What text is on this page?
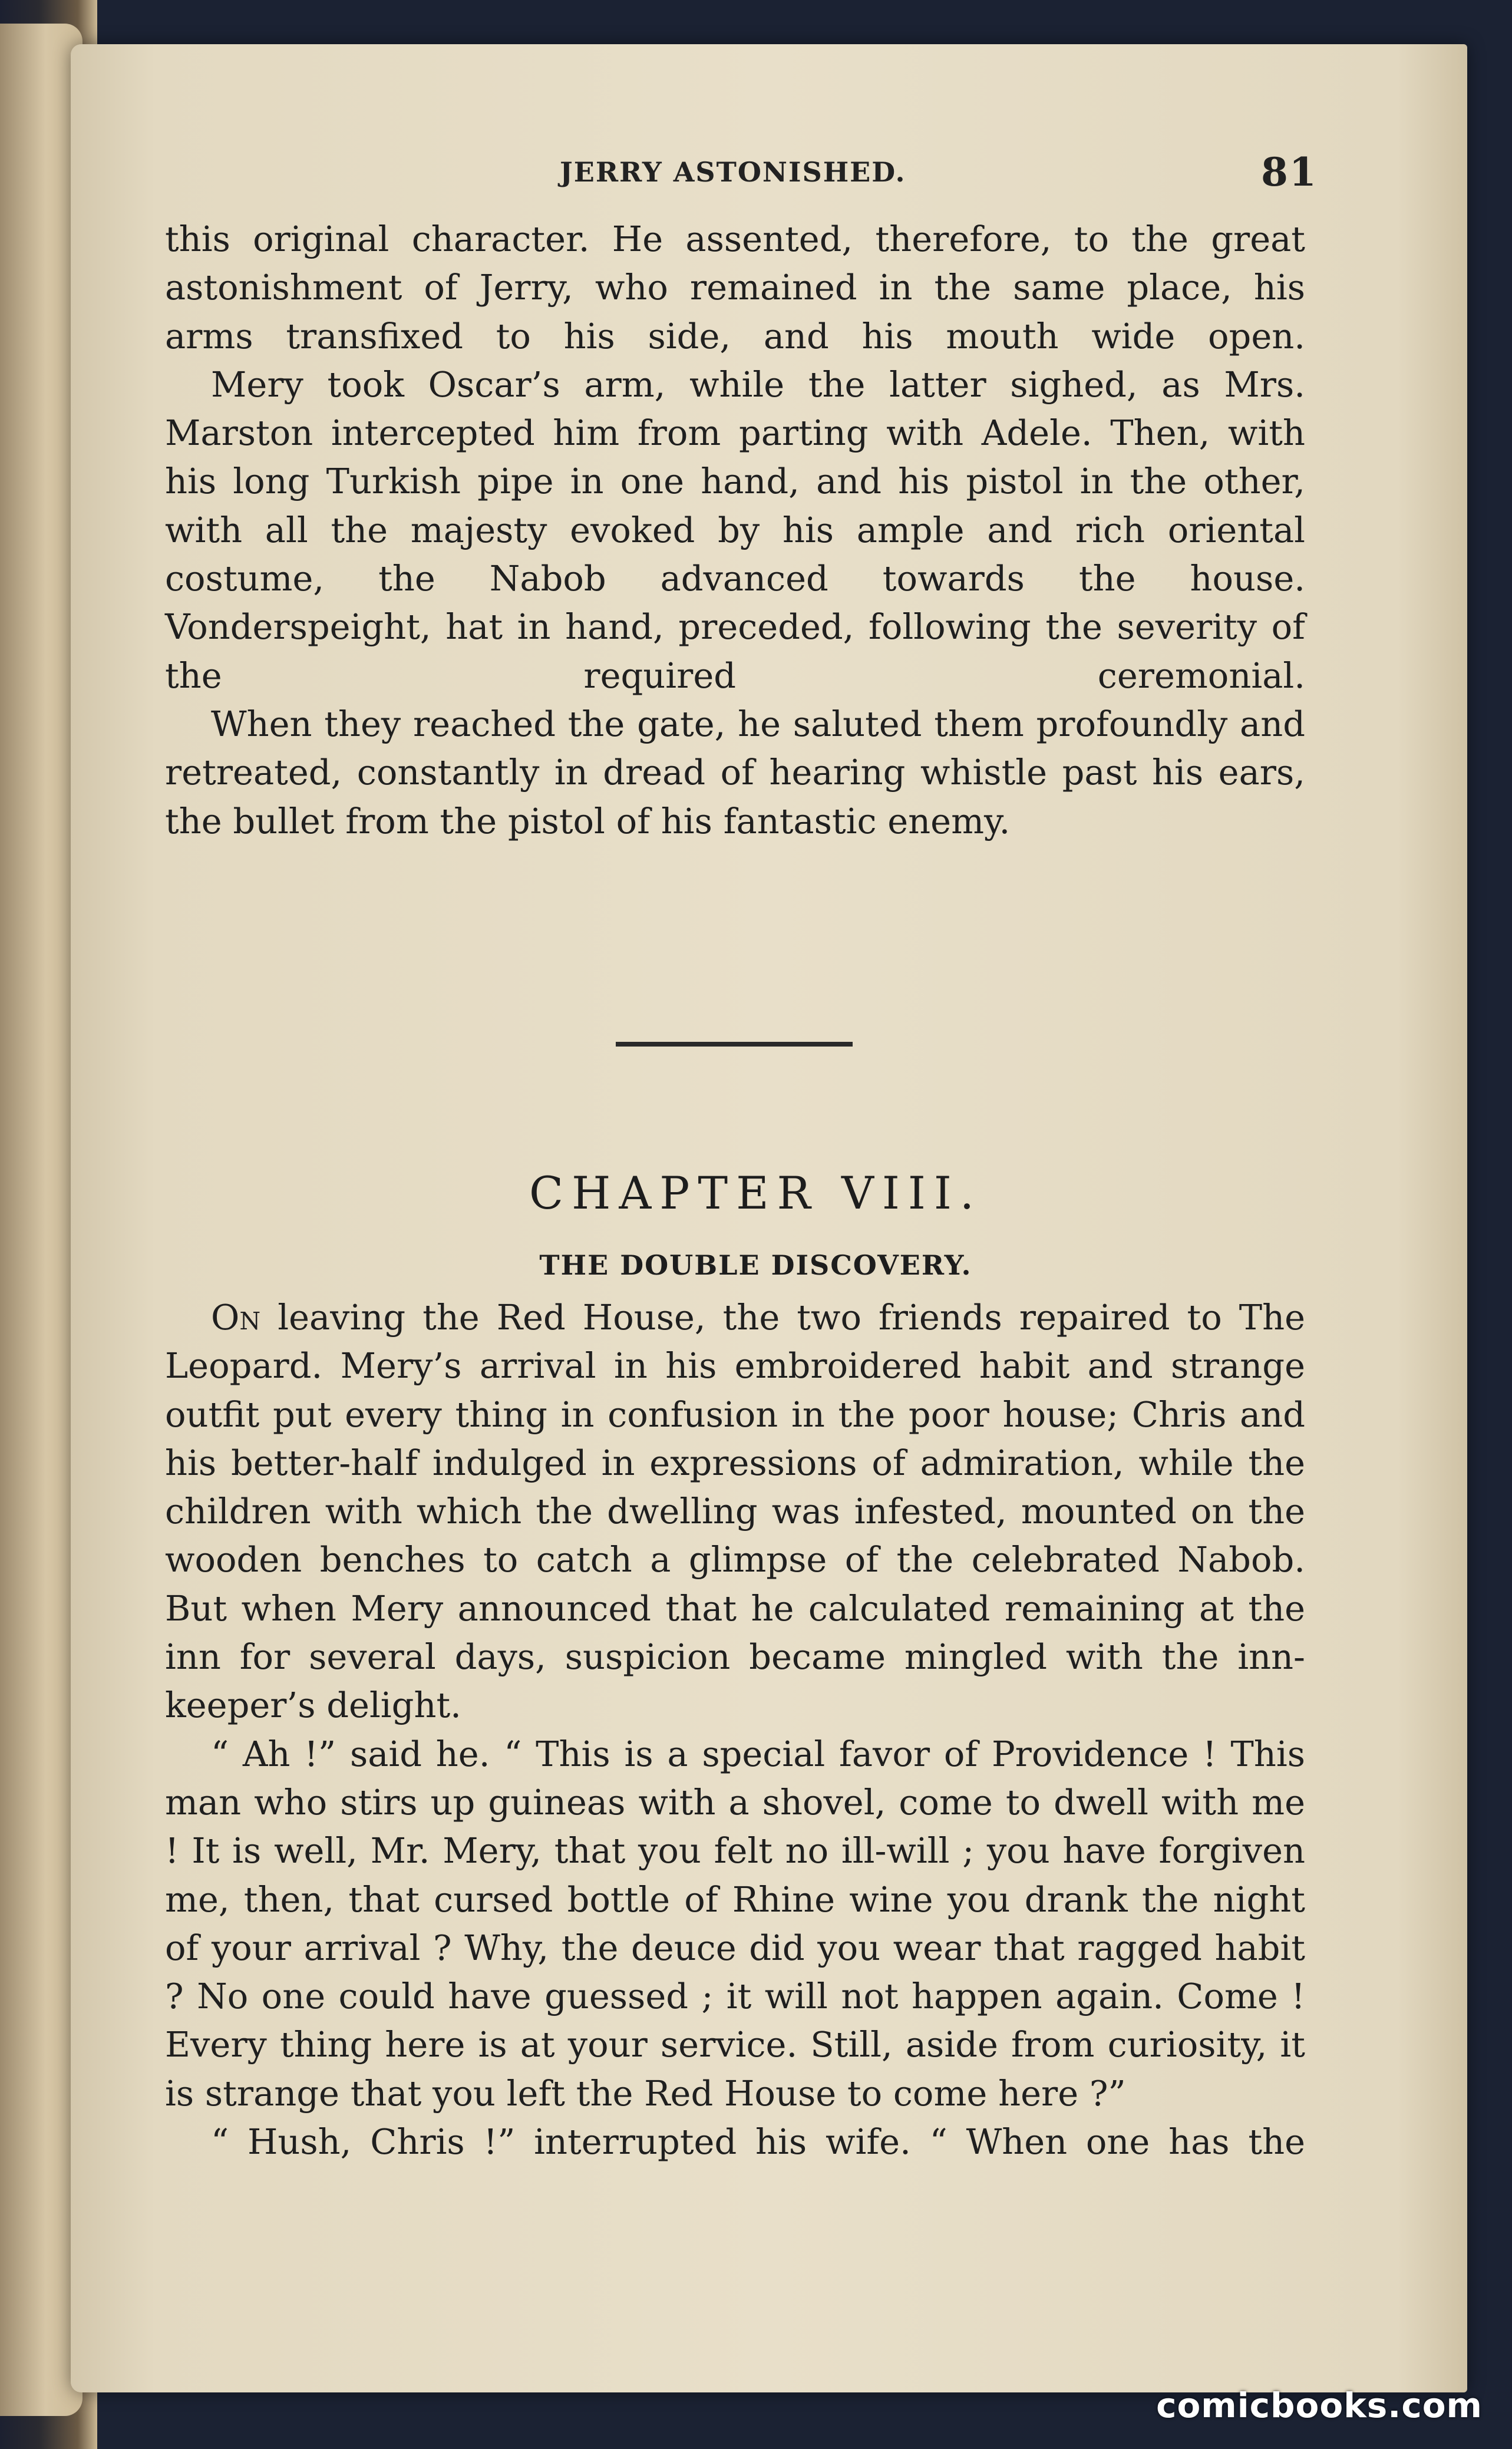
JERRY ASTONISHED.	81

this original character. He assented, therefore, to the great astonishment of Jerry, who remained in the same place, his arms transfixed to his side, and his mouth wide open.

Mery took Oscar’s arm, while the latter sighed, as Mrs. Marston intercepted him from parting with Adele. Then, with his long Turkish pipe in one hand, and his pistol in the other, with all the majesty evoked by his ample and rich oriental costume, the Nabob advanced towards the house. Vonderspeight, hat in hand, preceded, following the severity of the required ceremonial.

When they reached the gate, he saluted them profoundly and retreated, constantly in dread of hearing whistle past his ears, the bullet from the pistol of his fantastic enemy.

CHAPTER VIII.
THE DOUBLE DISCOVERY.

On leaving the Red House, the two friends repaired to The Leopard. Mery’s arrival in his embroidered habit and strange outfit put every thing in confusion in the poor house; Chris and his better-half indulged in expressions of admiration, while the children with which the dwelling was infested, mounted on the wooden benches to catch a glimpse of the celebrated Nabob. But when Mery announced that he calculated remaining at the inn for several days, suspicion became mingled with the inn-keeper’s delight.

“ Ah !” said he. “ This is a special favor of Providence ! This man who stirs up guineas with a shovel, come to dwell with me ! It is well, Mr. Mery, that you felt no ill-will ; you have forgiven me, then, that cursed bottle of Rhine wine you drank the night of your arrival ? Why, the deuce did you wear that ragged habit ? No one could have guessed ; it will not happen again. Come ! Every thing here is at your service. Still, aside from curiosity, it is strange that you left the Red House to come here ?”

“ Hush, Chris !” interrupted his wife. “ When one has the

comicbooks.com
